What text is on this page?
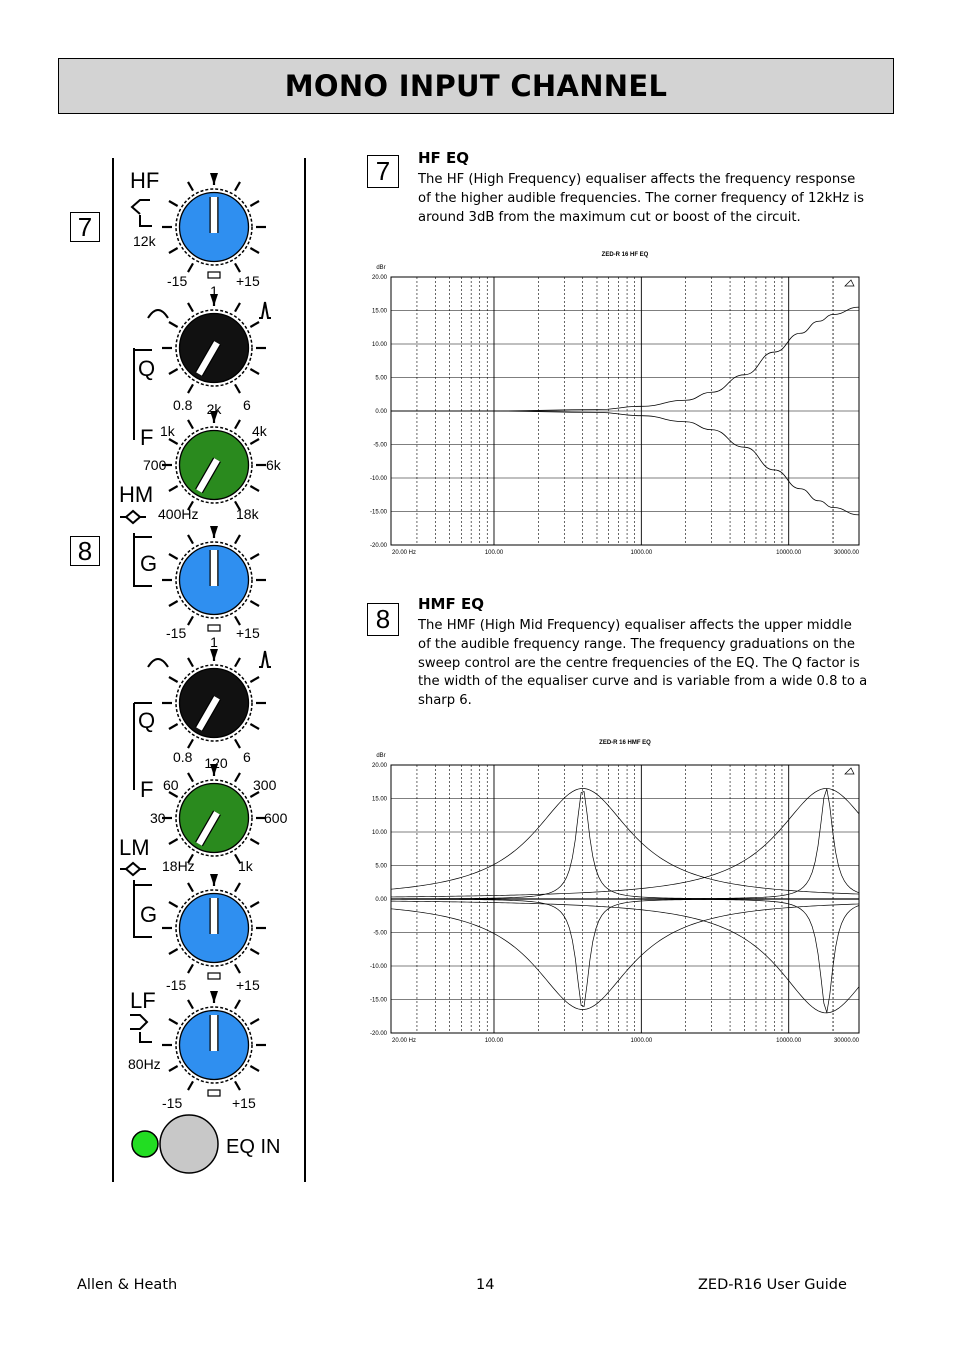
MONO INPUT CHANNEL
7
8
HF
12k
-15	+15
1
Q
0.8	6
2k
F 1k	4k
700	6k
HM
400Hz	18k
G
-15	+15
1
Q
0.8	6
120
F 60	300
30	600
LM
18Hz	1k
G
-15	+15
LF
80Hz
-15	+15
EQ IN
7	HF EQ
The HF (High Frequency) equaliser affects the frequency response of the higher audible frequencies. The corner frequency of 12kHz is around 3dB from the maximum cut or boost of the circuit.
8	HMF EQ
The HMF (High Mid Frequency) equaliser affects the upper middle of the audible frequency range. The frequency graduations on the sweep control are the centre frequencies of the EQ. The Q factor is the width of the equaliser curve and is variable from a wide 0.8 to a sharp 6.
ZED-R 16 HF EQ
dBr
20.00
15.00
10.00
5.00
0.00
-5.00
-10.00
-15.00
-20.00
20.00 Hz	100.00	1000.00	10000.00	30000.00
ZED-R 16 HMF EQ
dBr
20.00
15.00
10.00
5.00
0.00
-5.00
-10.00
-15.00
-20.00
20.00 Hz	100.00	1000.00	10000.00	30000.00
Allen & Heath	14	ZED-R16 User Guide
